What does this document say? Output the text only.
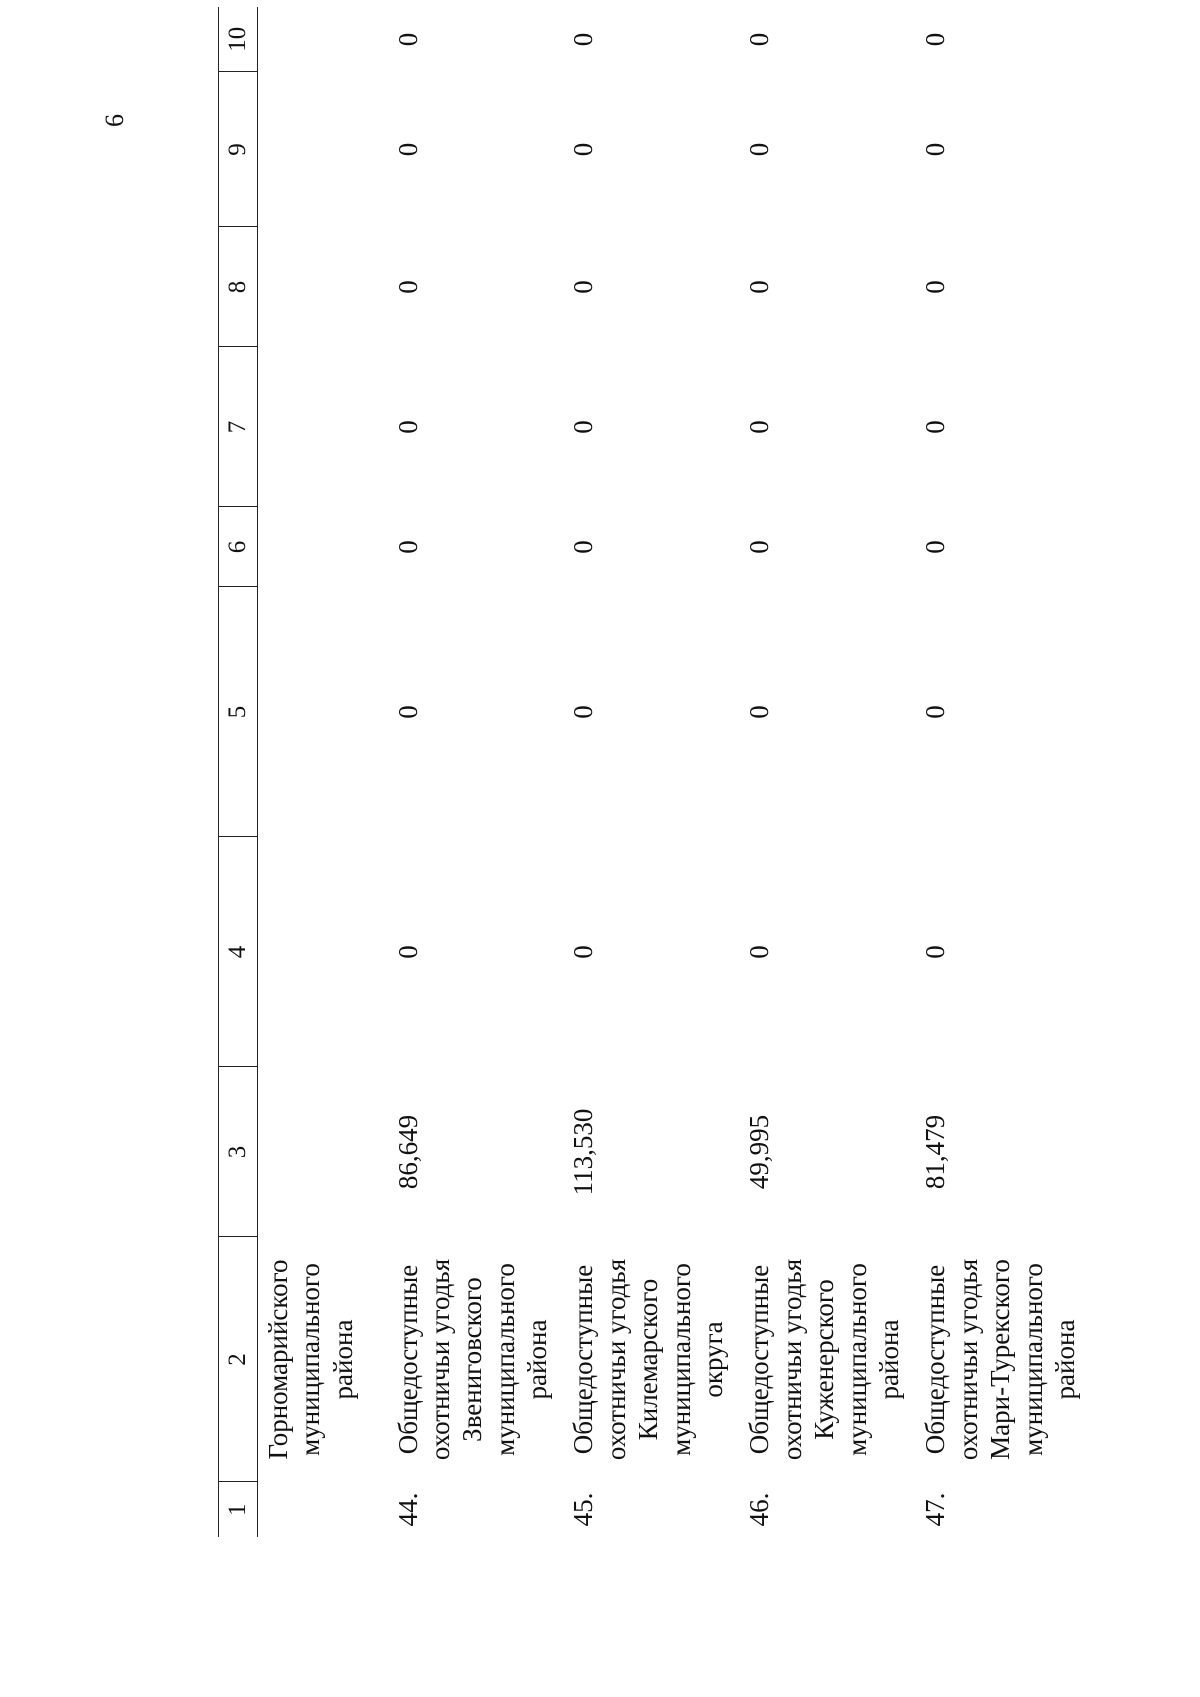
6
1	2	3	4	5	6	7	8	9	10

	Горномарийского муниципального района								

44.	Общедоступные охотничьи угодья Звениговского муниципального района	86,649	0	0	0	0	0	0	0
45.	Общедоступные охотничьи угодья Килемарского муниципального округа	113,530	0	0	0	0	0	0	0
46.	Общедоступные охотничьи угодья Куженерского муниципального района	49,995	0	0	0	0	0	0	0
47.	Общедоступные охотничьи угодья Мари-Турекского муниципального района	81,479	0	0	0	0	0	0	0
